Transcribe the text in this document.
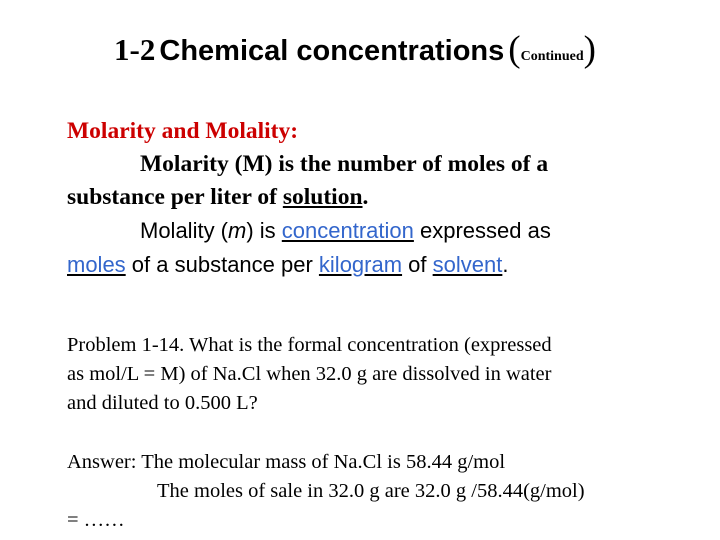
1-2 Chemical concentrations (Continued)
Molarity and Molality:
Molarity (M) is the number of moles of a
substance per liter of solution.
Molality (m) is concentration expressed as
moles of a substance per kilogram of solvent.
Problem 1-14. What is the formal concentration (expressed
as mol/L = M) of Na.Cl when 32.0 g are dissolved in water
and diluted to 0.500 L?
Answer: The molecular mass of Na.Cl is 58.44 g/mol
The moles of sale in 32.0 g are 32.0 g /58.44(g/mol)
= ……
